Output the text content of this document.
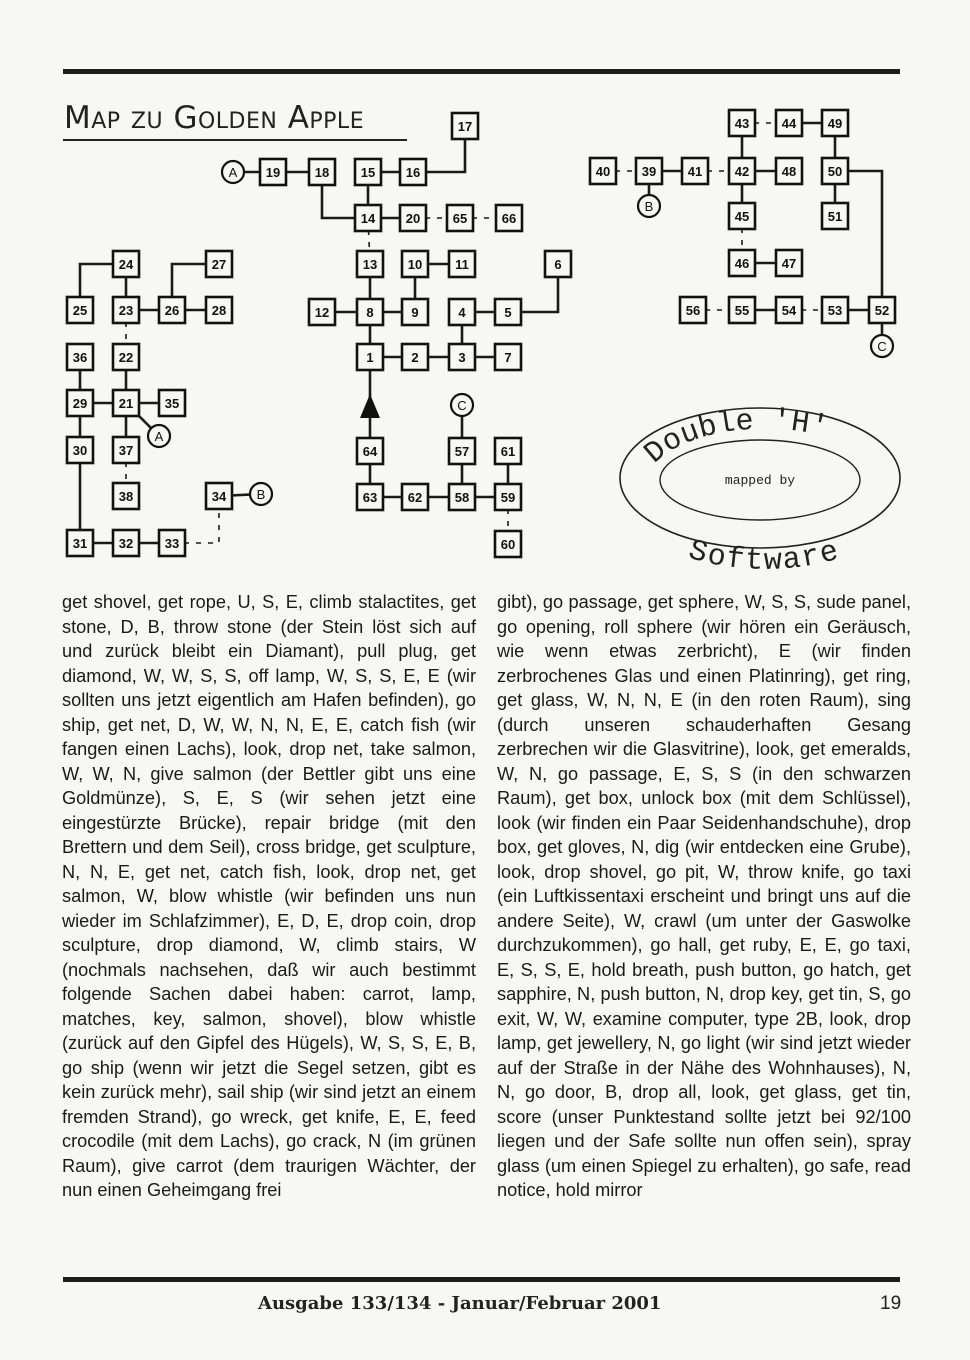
Map zu Golden Apple
1	2	3
4	5
6
7
8	9
10	11
12
13
14
15 16
17
18
19
20
21
22
23
24
25	26
27
28
29
30
31 32 33
34
35
36
37
38
39
40	41	42
43	44
45
46	47
48
49
50
51
52
53
54
55
56
57
58 59
60
61
62
63
64
65	66
A
A
B
B
C
C
Double 'H'
Software
mapped by

get shovel, get rope, U, S, E, climb stalactites, get stone, D, B, throw stone (der Stein löst sich auf und zurück bleibt ein Diamant), pull plug, get diamond, W, W, S, S, off lamp, W, S, S, E, E (wir sollten uns jetzt eigentlich am Hafen befinden), go ship, get net, D, W, W, N, N, E, E, catch fish (wir fangen einen Lachs), look, drop net, take salmon, W, W, N, give salmon (der Bettler gibt uns eine Goldmünze), S, E, S (wir sehen jetzt eine eingestürzte Brücke), repair bridge (mit den Brettern und dem Seil), cross bridge, get sculpture, N, N, E, get net, catch fish, look, drop net, get salmon, W, blow whistle (wir befinden uns nun wieder im Schlafzimmer), E, D, E, drop coin, drop sculpture, drop diamond, W, climb stairs, W (nochmals nachsehen, daß wir auch bestimmt folgende Sachen dabei haben: carrot, lamp, matches, key, salmon, shovel), blow whistle (zurück auf den Gipfel des Hügels), W, S, S, E, B, go ship (wenn wir jetzt die Segel setzen, gibt es kein zurück mehr), sail ship (wir sind jetzt an einem fremden Strand), go wreck, get knife, E, E, feed crocodile (mit dem Lachs), go crack, N (im grünen Raum), give carrot (dem traurigen Wächter, der nun einen Geheimgang frei

gibt), go passage, get sphere, W, S, S, sude panel, go opening, roll sphere (wir hören ein Geräusch, wie wenn etwas zerbricht), E (wir finden zerbrochenes Glas und einen Platinring), get ring, get glass, W, N, N, E (in den roten Raum), sing (durch unseren schauderhaften Gesang zerbrechen wir die Glasvitrine), look, get emeralds, W, N, go passage, E, S, S (in den schwarzen Raum), get box, unlock box (mit dem Schlüssel), look (wir finden ein Paar Seidenhandschuhe), drop box, get gloves, N, dig (wir entdecken eine Grube), look, drop shovel, go pit, W, throw knife, go taxi (ein Luftkissentaxi erscheint und bringt uns auf die andere Seite), W, crawl (um unter der Gaswolke durchzukommen), go hall, get ruby, E, E, go taxi, E, S, S, E, hold breath, push button, go hatch, get sapphire, N, push button, N, drop key, get tin, S, go exit, W, W, examine computer, type 2B, look, drop lamp, get jewellery, N, go light (wir sind jetzt wieder auf der Straße in der Nähe des Wohnhauses), N, N, go door, B, drop all, look, get glass, get tin, score (unser Punktestand sollte jetzt bei 92/100 liegen und der Safe sollte nun offen sein), spray glass (um einen Spiegel zu erhalten), go safe, read notice, hold mirror

Ausgabe 133/134 - Januar/Februar 2001	19
